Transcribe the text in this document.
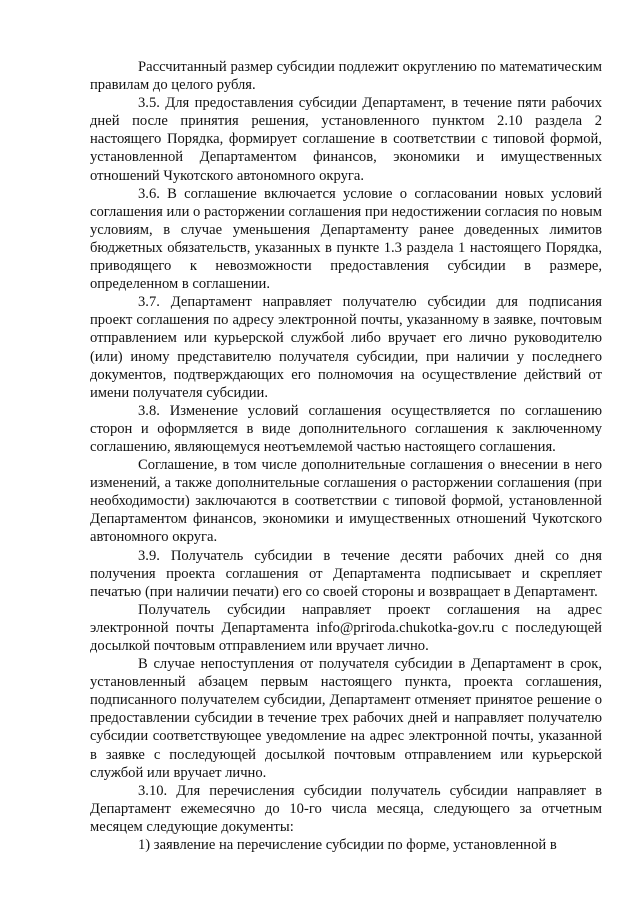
Рассчитанный размер субсидии подлежит округлению по математическим правилам до целого рубля.

3.5. Для предоставления субсидии Департамент, в течение пяти рабочих дней после принятия решения, установленного пунктом 2.10 раздела 2 настоящего Порядка, формирует соглашение в соответствии с типовой формой, установленной Департаментом финансов, экономики и имущественных отношений Чукотского автономного округа.

3.6. В соглашение включается условие о согласовании новых условий соглашения или о расторжении соглашения при недостижении согласия по новым условиям, в случае уменьшения Департаменту ранее доведенных лимитов бюджетных обязательств, указанных в пункте 1.3 раздела 1 настоящего Порядка, приводящего к невозможности предоставления субсидии в размере, определенном в соглашении.

3.7. Департамент направляет получателю субсидии для подписания проект соглашения по адресу электронной почты, указанному в заявке, почтовым отправлением или курьерской службой либо вручает его лично руководителю (или) иному представителю получателя субсидии, при наличии у последнего документов, подтверждающих его полномочия на осуществление действий от имени получателя субсидии.

3.8. Изменение условий соглашения осуществляется по соглашению сторон и оформляется в виде дополнительного соглашения к заключенному соглашению, являющемуся неотъемлемой частью настоящего соглашения.

Соглашение, в том числе дополнительные соглашения о внесении в него изменений, а также дополнительные соглашения о расторжении соглашения (при необходимости) заключаются в соответствии с типовой формой, установленной Департаментом финансов, экономики и имущественных отношений Чукотского автономного округа.

3.9. Получатель субсидии в течение десяти рабочих дней со дня получения проекта соглашения от Департамента подписывает и скрепляет печатью (при наличии печати) его со своей стороны и возвращает в Департамент.

Получатель субсидии направляет проект соглашения на адрес электронной почты Департамента info@priroda.chukotka-gov.ru с последующей досылкой почтовым отправлением или вручает лично.

В случае непоступления от получателя субсидии в Департамент в срок, установленный абзацем первым настоящего пункта, проекта соглашения, подписанного получателем субсидии, Департамент отменяет принятое решение о предоставлении субсидии в течение трех рабочих дней и направляет получателю субсидии соответствующее уведомление на адрес электронной почты, указанной в заявке с последующей досылкой почтовым отправлением или курьерской службой или вручает лично.

3.10. Для перечисления субсидии получатель субсидии направляет в Департамент ежемесячно до 10-го числа месяца, следующего за отчетным месяцем следующие документы:

1) заявление на перечисление субсидии по форме, установленной в
